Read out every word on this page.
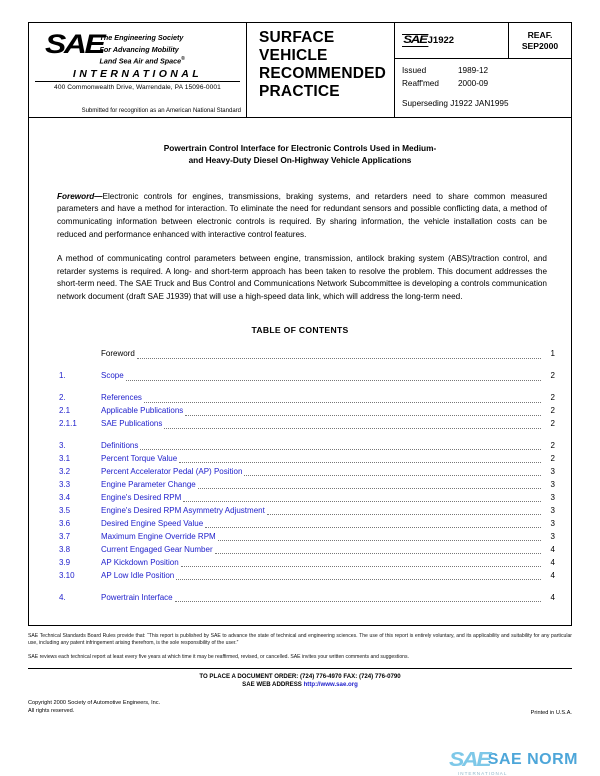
SAE
The Engineering Society
For Advancing Mobility
Land Sea Air and Space®
INTERNATIONAL
400 Commonwealth Drive, Warrendale, PA 15096-0001
Submitted for recognition as an American National Standard
SURFACE
VEHICLE
RECOMMENDED
PRACTICE
SAE J1922
REAF.
SEP2000
Issued	1989-12
Reaff'med	2000-09
Superseding J1922 JAN1995
Powertrain Control Interface for Electronic Controls Used in Medium-
and Heavy-Duty Diesel On-Highway Vehicle Applications

Foreword—Electronic controls for engines, transmissions, braking systems, and retarders need to share common measured parameters and have a method for interaction. To eliminate the need for redundant sensors and possible conflicting data, a method of communicating information between electronic controls is required. By sharing information, the vehicle installation costs can be reduced and performance enhanced with interactive control features.

A method of communicating control parameters between engine, transmission, antilock braking system (ABS)/traction control, and retarder systems is required. A long- and short-term approach has been taken to resolve the problem. This document addresses the short-term need. The SAE Truck and Bus Control and Communications Network Subcommittee is developing a controls communication network document (draft SAE J1939) that will use a high-speed data link, which will address the long-term need.

TABLE OF CONTENTS
Foreword	1
1.	Scope	2
2.	References	2
2.1	Applicable Publications	2
2.1.1	SAE Publications	2
3.	Definitions	2
3.1	Percent Torque Value	2
3.2	Percent Accelerator Pedal (AP) Position	3
3.3	Engine Parameter Change	3
3.4	Engine's Desired RPM	3
3.5	Engine's Desired RPM Asymmetry Adjustment	3
3.6	Desired Engine Speed Value	3
3.7	Maximum Engine Override RPM	3
3.8	Current Engaged Gear Number	4
3.9	AP Kickdown Position	4
3.10	AP Low Idle Position	4
4.	Powertrain Interface	4
SAE Technical Standards Board Rules provide that: “This report is published by SAE to advance the state of technical and engineering sciences. The use of this report is entirely voluntary, and its applicability and suitability for any particular use, including any patent infringement arising therefrom, is the sole responsibility of the user.”
SAE reviews each technical report at least every five years at which time it may be reaffirmed, revised, or cancelled. SAE invites your written comments and suggestions.
TO PLACE A DOCUMENT ORDER: (724) 776-4970 FAX: (724) 776-0790
SAE WEB ADDRESS http://www.sae.org
Copyright 2000 Society of Automotive Engineers, Inc.
All rights reserved.	Printed in U.S.A.
SAE
SAE NORM
INTERNATIONAL
